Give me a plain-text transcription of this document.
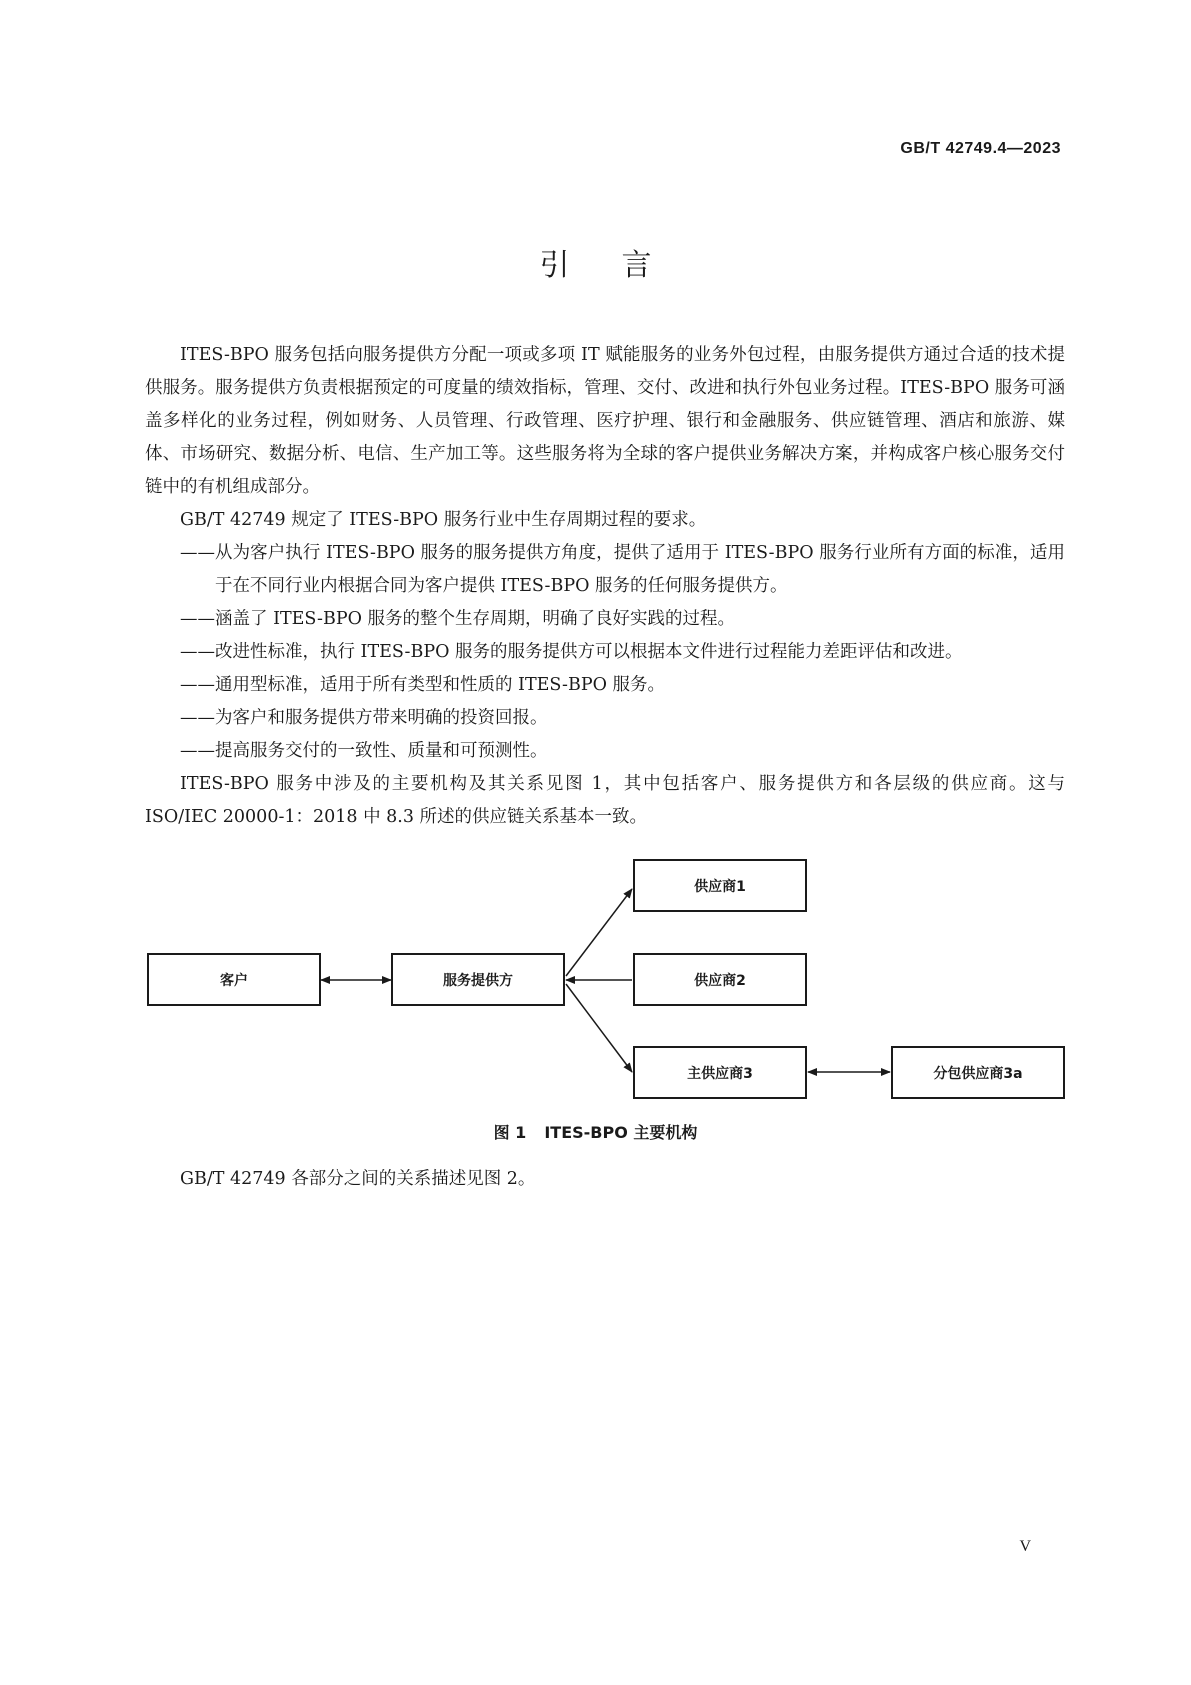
GB/T 42749.4—2023
引言

ITES-BPO 服务包括向服务提供方分配一项或多项 IT 赋能服务的业务外包过程，由服务提供方通过合适的技术提供服务。服务提供方负责根据预定的可度量的绩效指标，管理、交付、改进和执行外包业务过程。ITES-BPO 服务可涵盖多样化的业务过程，例如财务、人员管理、行政管理、医疗护理、银行和金融服务、供应链管理、酒店和旅游、媒体、市场研究、数据分析、电信、生产加工等。这些服务将为全球的客户提供业务解决方案，并构成客户核心服务交付链中的有机组成部分。

GB/T 42749 规定了 ITES-BPO 服务行业中生存周期过程的要求。

——从为客户执行 ITES-BPO 服务的服务提供方角度，提供了适用于 ITES-BPO 服务行业所有方面的标准，适用于在不同行业内根据合同为客户提供 ITES-BPO 服务的任何服务提供方。
——涵盖了 ITES-BPO 服务的整个生存周期，明确了良好实践的过程。
——改进性标准，执行 ITES-BPO 服务的服务提供方可以根据本文件进行过程能力差距评估和改进。
——通用型标准，适用于所有类型和性质的 ITES-BPO 服务。
——为客户和服务提供方带来明确的投资回报。
——提高服务交付的一致性、质量和可预测性。

ITES-BPO 服务中涉及的主要机构及其关系见图 1，其中包括客户、服务提供方和各层级的供应商。这与 ISO/IEC 20000-1：2018 中 8.3 所述的供应链关系基本一致。

客户	服务提供方
供应商1
供应商2
主供应商3	分包供应商3a
图 1 ITES-BPO 主要机构

GB/T 42749 各部分之间的关系描述见图 2。

V
